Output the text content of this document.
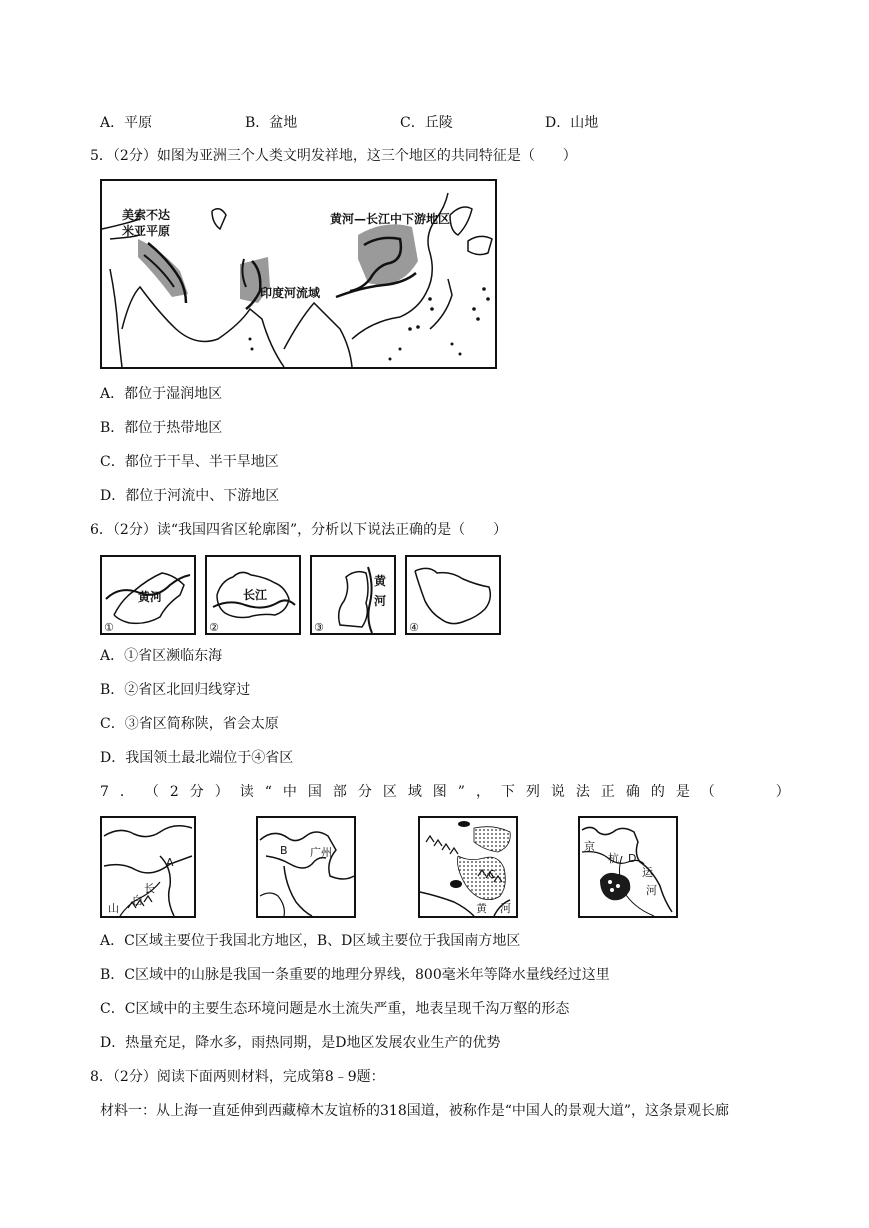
A．平原	B．盆地	C．丘陵	D．山地
5．（2分）如图为亚洲三个人类文明发祥地，这三个地区的共同特征是（　　）
美索不达
米亚平原
黄河—长江中下游地区
印度河流域
A．都位于湿润地区
B．都位于热带地区
C．都位于干旱、半干旱地区
D．都位于河流中、下游地区
6．（2分）读“我国四省区轮廓图”，分析以下说法正确的是（　　）
黄河
①
长江
②
黄
河
③	④
A．①省区濒临东海
B．②省区北回归线穿过
C．③省区简称陕，省会太原
D．我国领土最北端位于④省区
7 ． （ 2 分 ） 读 “ 中 国 部 分 区 域 图 ” ， 下 列 说 法 正 确 的 是 （

　	）
A
长
白
山
B 广州
C
黄 河
京
杭 D
运
河
A．C区域主要位于我国北方地区，B、D区域主要位于我国南方地区
B．C区域中的山脉是我国一条重要的地理分界线，800毫米年等降水量线经过这里
C．C区域中的主要生态环境问题是水土流失严重，地表呈现千沟万壑的形态
D．热量充足，降水多，雨热同期，是D地区发展农业生产的优势
8．（2分）阅读下面两则材料，完成第8﹣9题：
材料一：从上海一直延伸到西藏樟木友谊桥的318国道，被称作是“中国人的景观大道”，这条景观长廊
